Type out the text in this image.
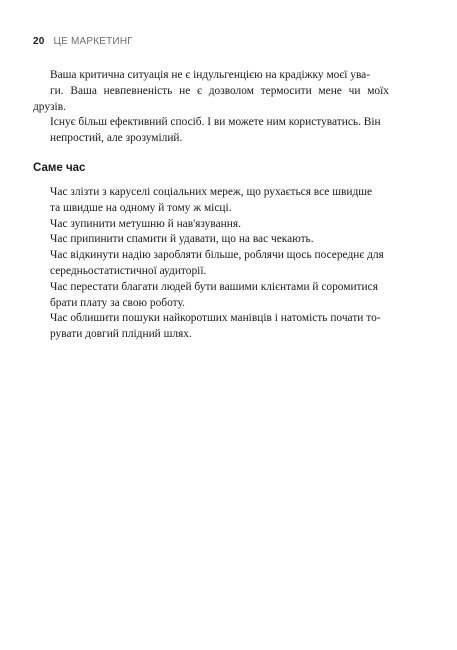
20 ЦЕ МАРКЕТИНГ

Ваша критична ситуація не є індульгенцією на крадіжку моєї ува-
ги. Ваша невпевненість не є дозволом термосити мене чи моїх друзів.

Існує більш ефективний спосіб. І ви можете ним користуватись. Він
непростий, але зрозумілий.

Саме час

Час злізти з каруселі соціальних мереж, що рухається все швидше
та швидше на одному й тому ж місці.

Час зупинити метушню й нав'язування.

Час припинити спамити й удавати, що на вас чекають.

Час відкинути надію заробляти більше, роблячи щось посереднє для
середньостатистичної аудиторії.

Час перестати благати людей бути вашими клієнтами й соромитися
брати плату за свою роботу.

Час облишити пошуки найкоротших манівців і натомість почати то-
рувати довгий плідний шлях.
